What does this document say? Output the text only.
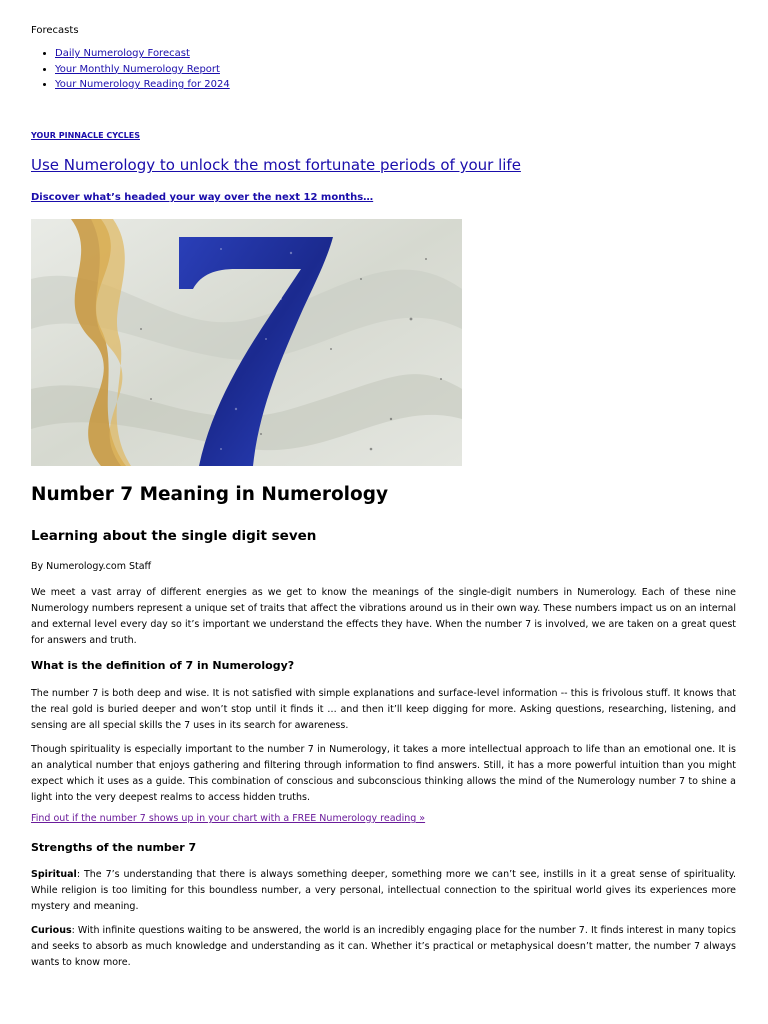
Forecasts

• Daily Numerology Forecast
• Your Monthly Numerology Report
• Your Numerology Reading for 2024
YOUR PINNACLE CYCLES
Use Numerology to unlock the most fortunate periods of your life
Discover what’s headed your way over the next 12 months…
Number 7 Meaning in Numerology
Learning about the single digit seven
By Numerology.com Staff

We meet a vast array of different energies as we get to know the meanings of the single-digit numbers in Numerology. Each of these nine Numerology numbers represent a unique set of traits that affect the vibrations around us in their own way. These numbers impact us on an internal and external level every day so it’s important we understand the effects they have. When the number 7 is involved, we are taken on a great quest for answers and truth.

What is the definition of 7 in Numerology?

The number 7 is both deep and wise. It is not satisfied with simple explanations and surface-level information -- this is frivolous stuff. It knows that the real gold is buried deeper and won’t stop until it finds it … and then it’ll keep digging for more. Asking questions, researching, listening, and sensing are all special skills the 7 uses in its search for awareness.

Though spirituality is especially important to the number 7 in Numerology, it takes a more intellectual approach to life than an emotional one. It is an analytical number that enjoys gathering and filtering through information to find answers. Still, it has a more powerful intuition than you might expect which it uses as a guide. This combination of conscious and subconscious thinking allows the mind of the Numerology number 7 to shine a light into the very deepest realms to access hidden truths.

Find out if the number 7 shows up in your chart with a FREE Numerology reading »
Strengths of the number 7

Spiritual: The 7’s understanding that there is always something deeper, something more we can’t see, instills in it a great sense of spirituality. While religion is too limiting for this boundless number, a very personal, intellectual connection to the spiritual world gives its experiences more mystery and meaning.

Curious: With infinite questions waiting to be answered, the world is an incredibly engaging place for the number 7. It finds interest in many topics and seeks to absorb as much knowledge and understanding as it can. Whether it’s practical or metaphysical doesn’t matter, the number 7 always wants to know more.
